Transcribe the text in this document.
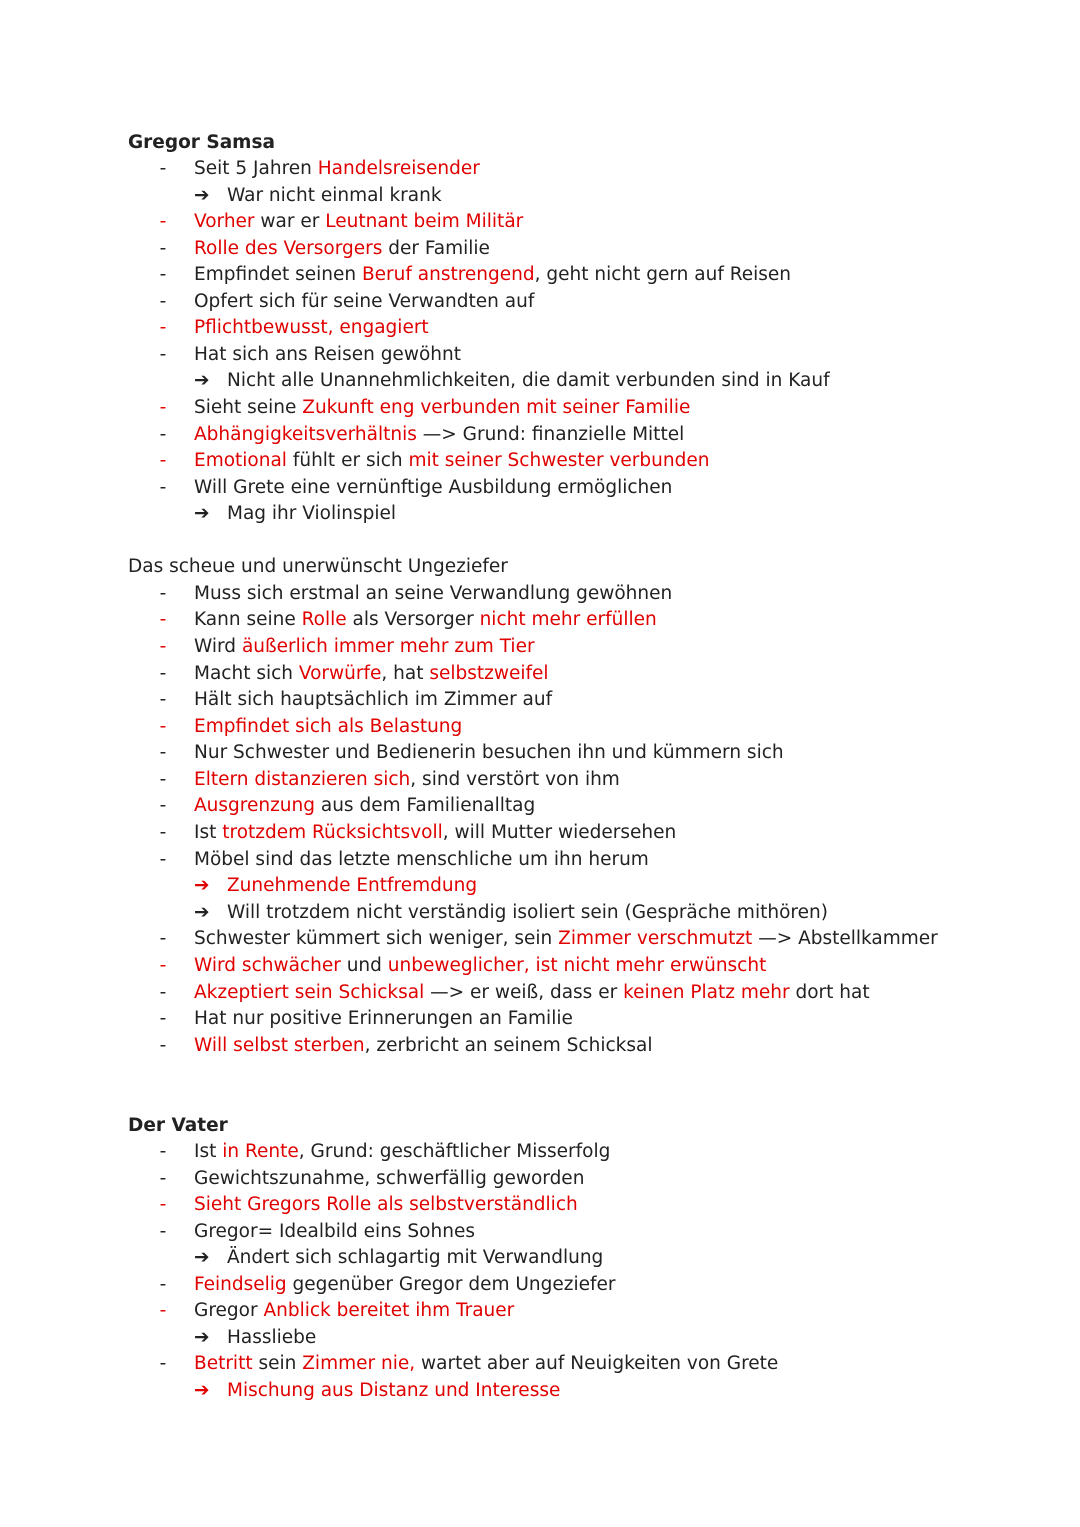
Gregor Samsa
- Seit 5 Jahren Handelsreisender
➔ War nicht einmal krank
- Vorher war er Leutnant beim Militär
- Rolle des Versorgers der Familie
- Empfindet seinen Beruf anstrengend, geht nicht gern auf Reisen
- Opfert sich für seine Verwandten auf
- Pflichtbewusst, engagiert
- Hat sich ans Reisen gewöhnt
➔ Nicht alle Unannehmlichkeiten, die damit verbunden sind in Kauf
- Sieht seine Zukunft eng verbunden mit seiner Familie
- Abhängigkeitsverhältnis —> Grund: finanzielle Mittel
- Emotional fühlt er sich mit seiner Schwester verbunden
- Will Grete eine vernünftige Ausbildung ermöglichen
➔ Mag ihr Violinspiel
Das scheue und unerwünscht Ungeziefer
- Muss sich erstmal an seine Verwandlung gewöhnen
- Kann seine Rolle als Versorger nicht mehr erfüllen
- Wird äußerlich immer mehr zum Tier
- Macht sich Vorwürfe, hat selbstzweifel
- Hält sich hauptsächlich im Zimmer auf
- Empfindet sich als Belastung
- Nur Schwester und Bedienerin besuchen ihn und kümmern sich
- Eltern distanzieren sich, sind verstört von ihm
- Ausgrenzung aus dem Familienalltag
- Ist trotzdem Rücksichtsvoll, will Mutter wiedersehen
- Möbel sind das letzte menschliche um ihn herum
➔ Zunehmende Entfremdung
➔ Will trotzdem nicht verständig isoliert sein (Gespräche mithören)
- Schwester kümmert sich weniger, sein Zimmer verschmutzt —> Abstellkammer
- Wird schwächer und unbeweglicher, ist nicht mehr erwünscht
- Akzeptiert sein Schicksal —> er weiß, dass er keinen Platz mehr dort hat
- Hat nur positive Erinnerungen an Familie
- Will selbst sterben, zerbricht an seinem Schicksal
Der Vater
- Ist in Rente, Grund: geschäftlicher Misserfolg
- Gewichtszunahme, schwerfällig geworden
- Sieht Gregors Rolle als selbstverständlich
- Gregor= Idealbild eins Sohnes
➔ Ändert sich schlagartig mit Verwandlung
- Feindselig gegenüber Gregor dem Ungeziefer
- Gregor Anblick bereitet ihm Trauer
➔ Hassliebe
- Betritt sein Zimmer nie, wartet aber auf Neuigkeiten von Grete
➔ Mischung aus Distanz und Interesse
